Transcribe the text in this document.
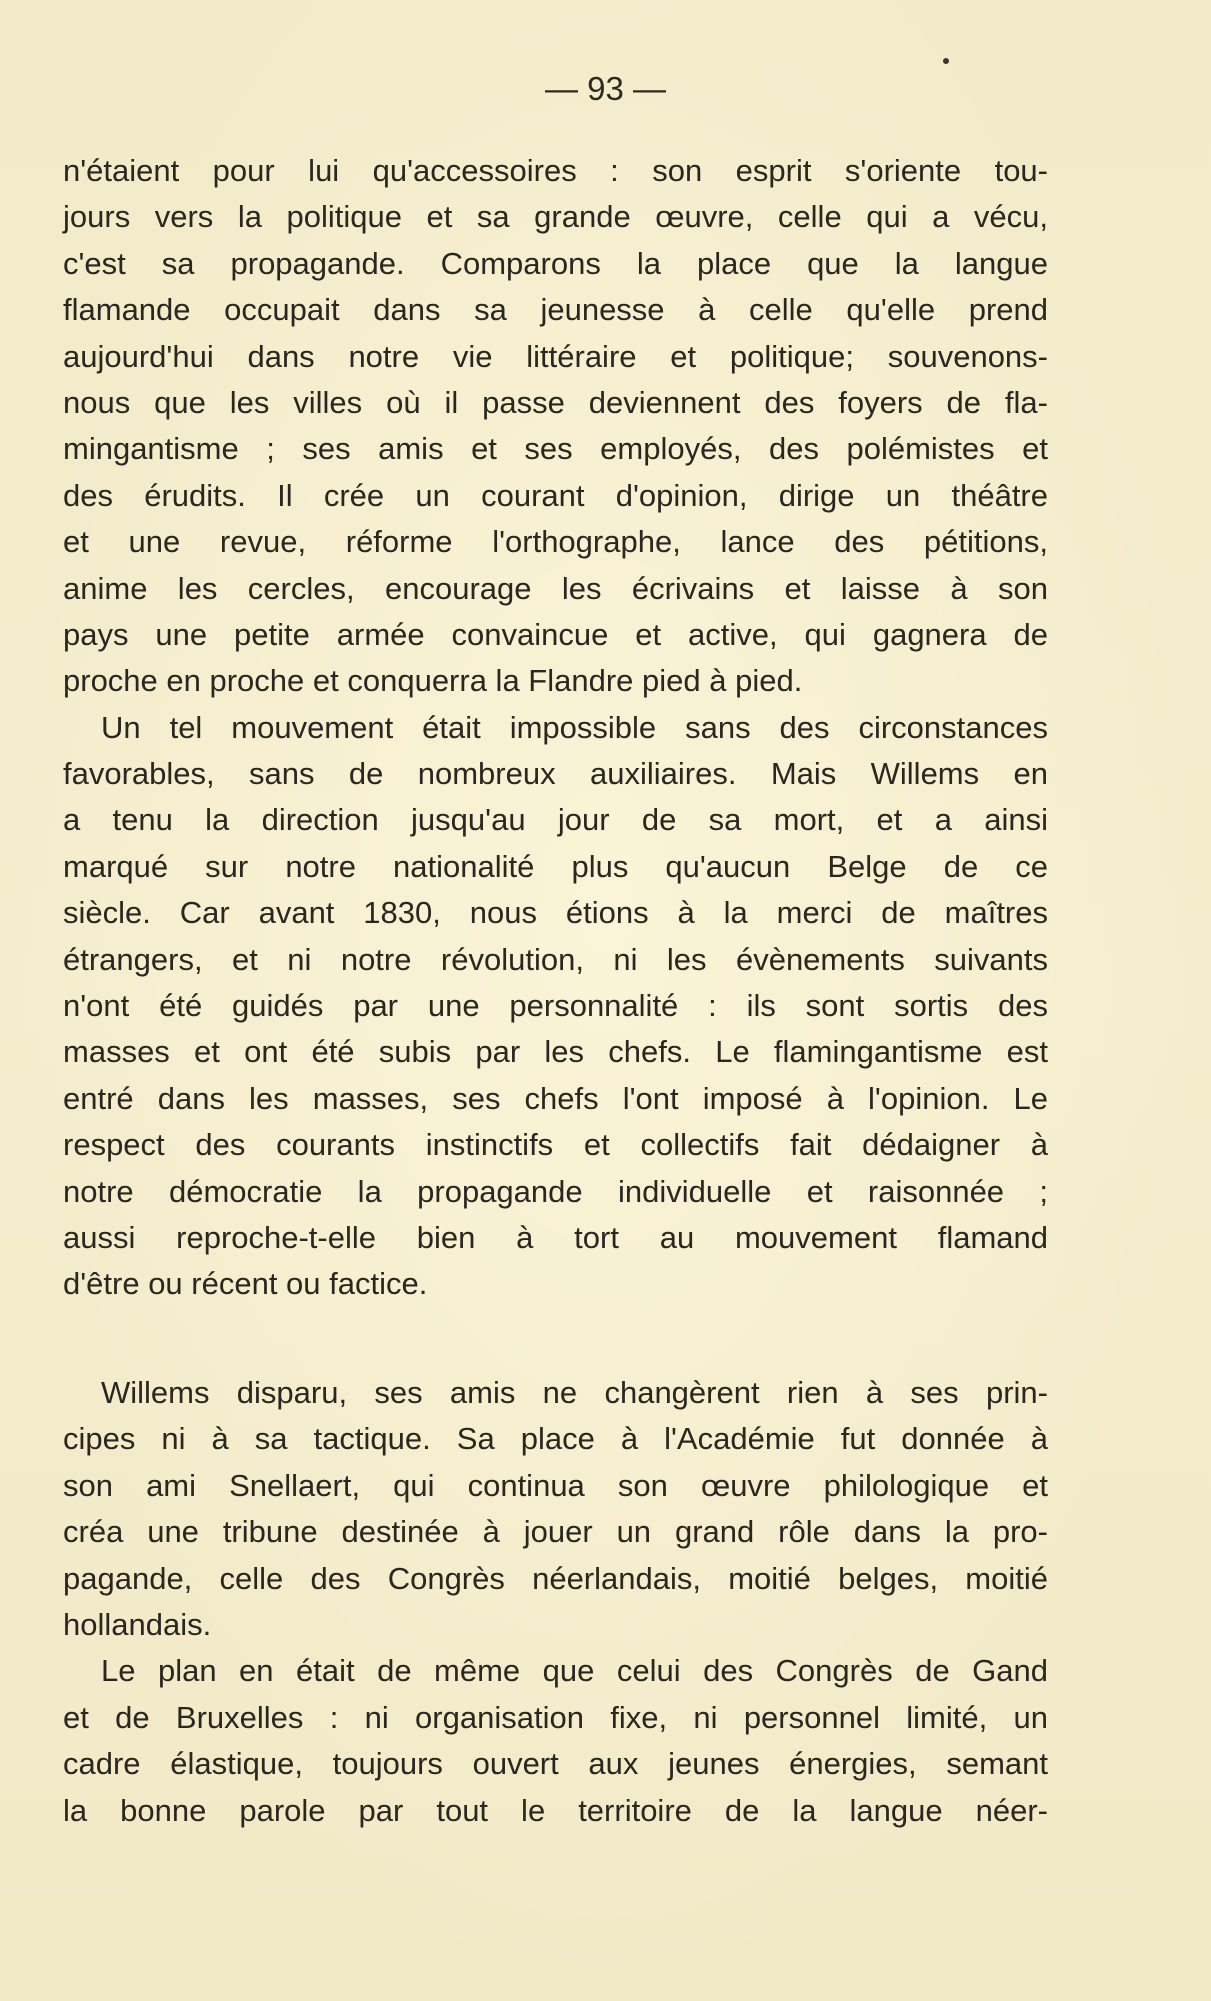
— 93 —
n'étaient pour lui qu'accessoires : son esprit s'oriente tou-
jours vers la politique et sa grande œuvre, celle qui a vécu,
c'est sa propagande. Comparons la place que la langue
flamande occupait dans sa jeunesse à celle qu'elle prend
aujourd'hui dans notre vie littéraire et politique; souvenons-
nous que les villes où il passe deviennent des foyers de fla-
mingantisme ; ses amis et ses employés, des polémistes et
des érudits. Il crée un courant d'opinion, dirige un théâtre
et une revue, réforme l'orthographe, lance des pétitions,
anime les cercles, encourage les écrivains et laisse à son
pays une petite armée convaincue et active, qui gagnera de
proche en proche et conquerra la Flandre pied à pied.
Un tel mouvement était impossible sans des circonstances
favorables, sans de nombreux auxiliaires. Mais Willems en
a tenu la direction jusqu'au jour de sa mort, et a ainsi
marqué sur notre nationalité plus qu'aucun Belge de ce
siècle. Car avant 1830, nous étions à la merci de maîtres
étrangers, et ni notre révolution, ni les évènements suivants
n'ont été guidés par une personnalité : ils sont sortis des
masses et ont été subis par les chefs. Le flamingantisme est
entré dans les masses, ses chefs l'ont imposé à l'opinion. Le
respect des courants instinctifs et collectifs fait dédaigner à
notre démocratie la propagande individuelle et raisonnée ;
aussi reproche-t-elle bien à tort au mouvement flamand
d'être ou récent ou factice.
Willems disparu, ses amis ne changèrent rien à ses prin-
cipes ni à sa tactique. Sa place à l'Académie fut donnée à
son ami Snellaert, qui continua son œuvre philologique et
créa une tribune destinée à jouer un grand rôle dans la pro-
pagande, celle des Congrès néerlandais, moitié belges, moitié
hollandais.
Le plan en était de même que celui des Congrès de Gand
et de Bruxelles : ni organisation fixe, ni personnel limité, un
cadre élastique, toujours ouvert aux jeunes énergies, semant
la bonne parole par tout le territoire de la langue néer-
